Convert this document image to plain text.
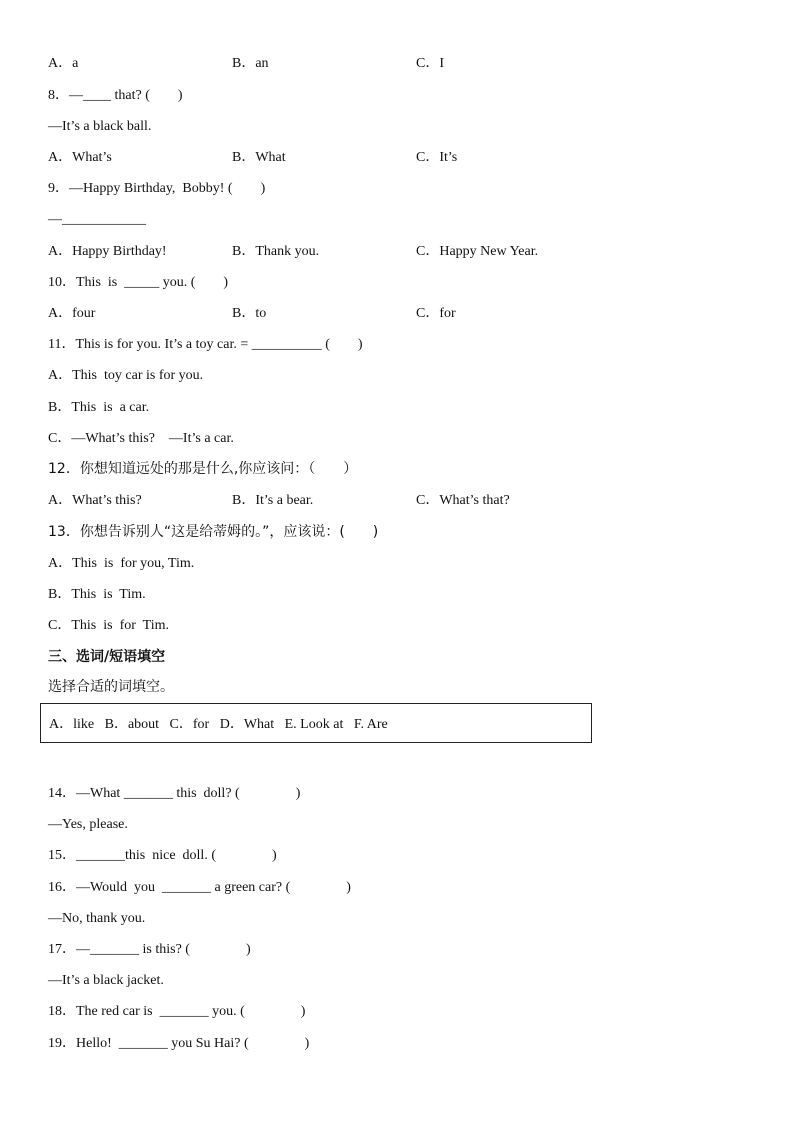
A．a	B．an	C．I
8．—____ that? (　　)
—It’s a black ball.
A．What’s	B．What	C．It’s
9．—Happy Birthday,  Bobby! (　　)
—____________
A．Happy Birthday!	B．Thank you.	C．Happy New Year.
10．This  is  _____ you. (　　)
A．four	B．to	C．for
11．This is for you. It’s a toy car. = __________ (　　)
A．This  toy car is for you.
B．This  is  a car.
C．—What’s this?　—It’s a car.
12．你想知道远处的那是什么,你应该问：（　　）
A．What’s this?	B．It’s a bear.	C．What’s that?
13．你想告诉别人“这是给蒂姆的。”，应该说：(　　)
A．This  is  for you, Tim.
B．This  is  Tim.
C．This  is  for  Tim.
三、选词/短语填空
选择合适的词填空。
A．like   B．about   C．for   D．What   E. Look at   F. Are
14．—What _______ this  doll? (　　　　)
—Yes, please.
15．_______this  nice  doll. (　　　　)
16．—Would  you  _______ a green car? (　　　　)
—No, thank you.
17．—_______ is this? (　　　　)
—It’s a black jacket.
18．The red car is  _______ you. (　　　　)
19．Hello!  _______ you Su Hai? (　　　　)
